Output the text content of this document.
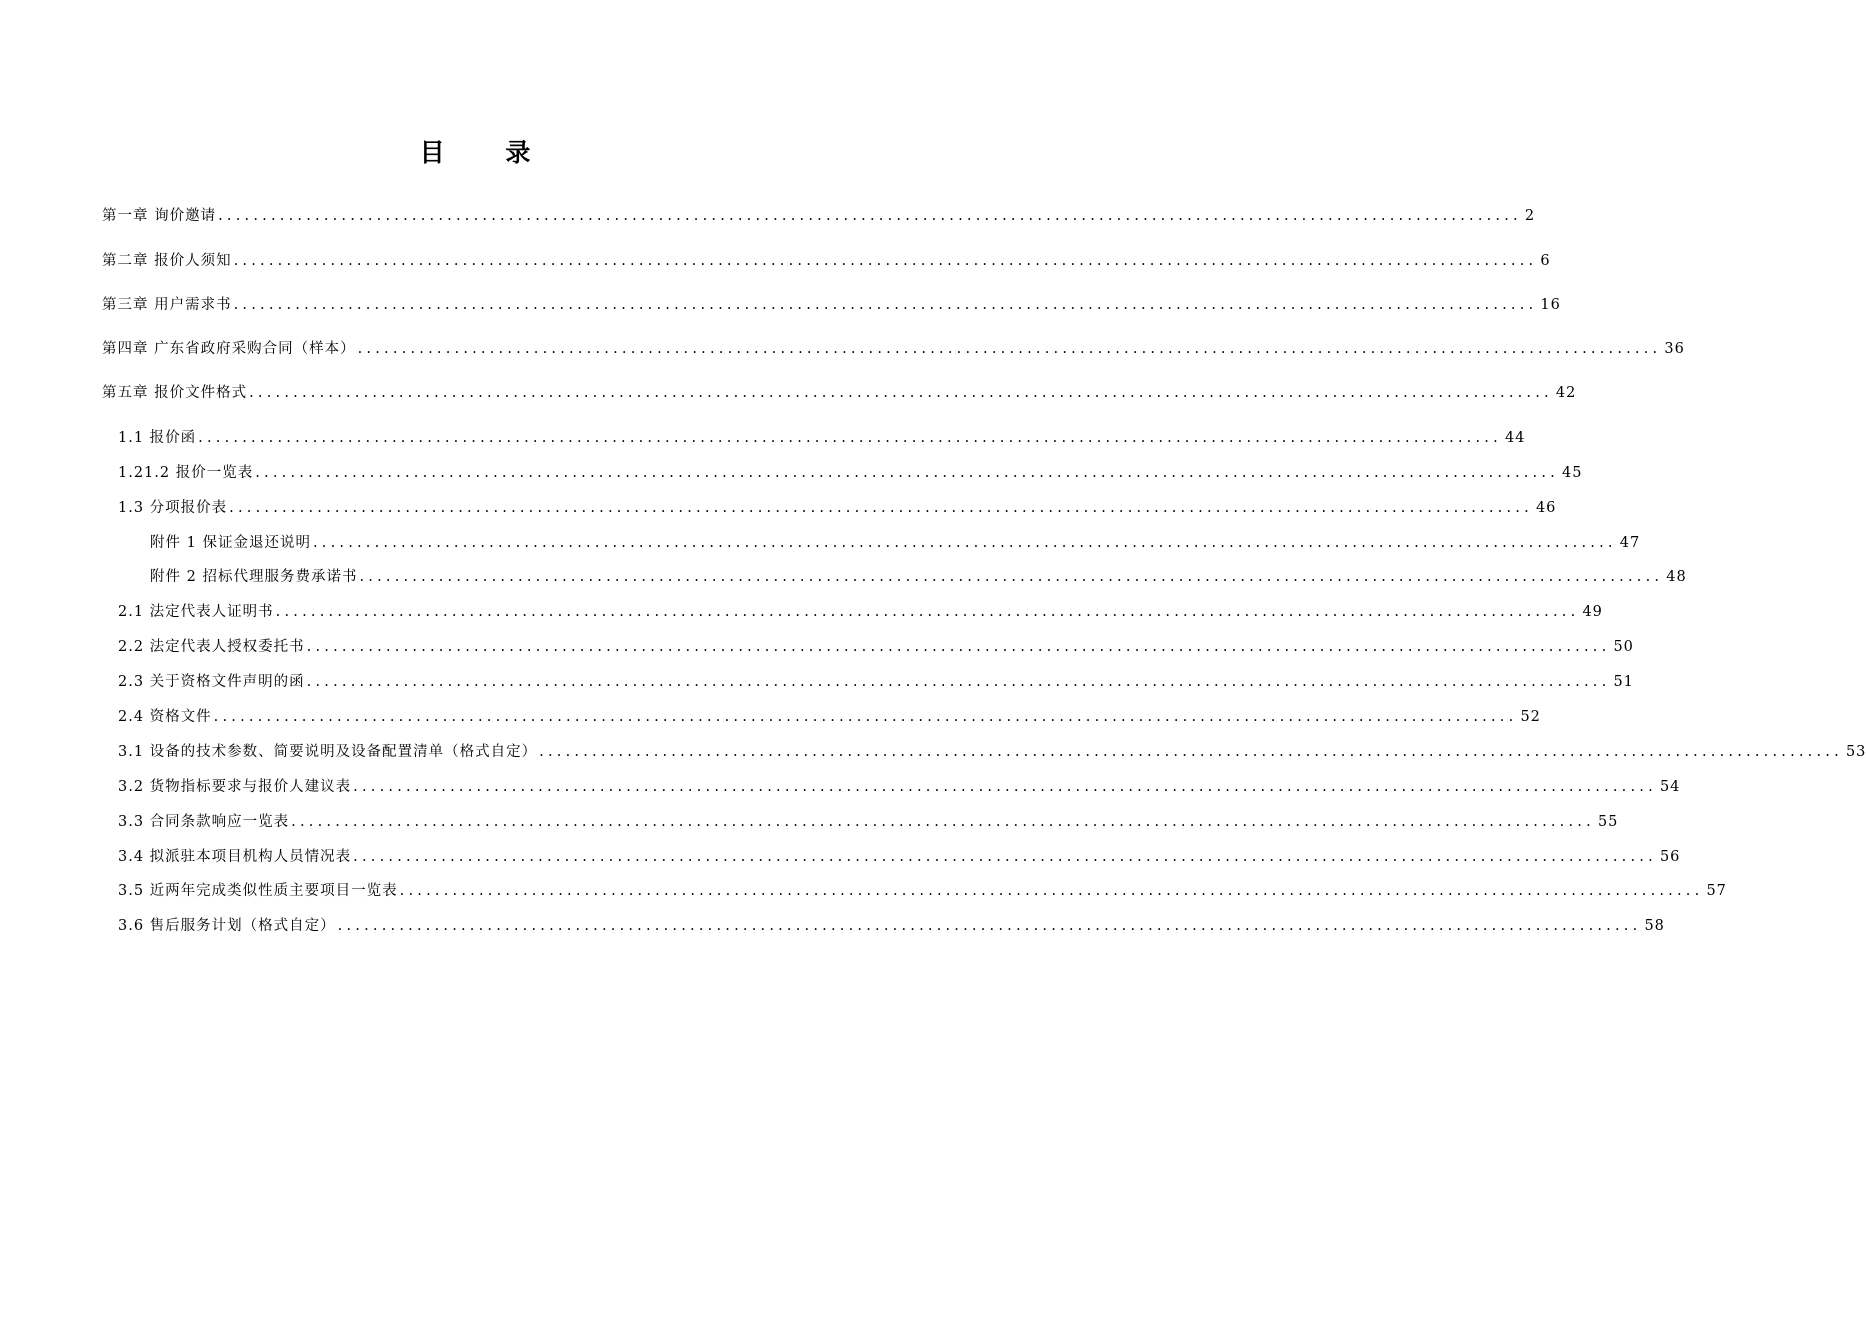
目 录
第一章 询价邀请 .................................................................................................................................................... 2
第二章 报价人须知 .................................................................................................................................................... 6
第三章 用户需求书 .................................................................................................................................................... 16
第四章 广东省政府采购合同（样本） .................................................................................................................................................... 36
第五章 报价文件格式 .................................................................................................................................................... 42
1.1 报价函 .................................................................................................................................................... 44
1.21.2 报价一览表 .................................................................................................................................................... 45
1.3 分项报价表 .................................................................................................................................................... 46
附件 1 保证金退还说明 .................................................................................................................................................... 47
附件 2 招标代理服务费承诺书 .................................................................................................................................................... 48
2.1 法定代表人证明书 .................................................................................................................................................... 49
2.2 法定代表人授权委托书 .................................................................................................................................................... 50
2.3 关于资格文件声明的函 .................................................................................................................................................... 51
2.4 资格文件 .................................................................................................................................................... 52
3.1 设备的技术参数、简要说明及设备配置清单（格式自定） .................................................................................................................................................... 53
3.2 货物指标要求与报价人建议表 .................................................................................................................................................... 54
3.3 合同条款响应一览表 .................................................................................................................................................... 55
3.4 拟派驻本项目机构人员情况表 .................................................................................................................................................... 56
3.5 近两年完成类似性质主要项目一览表 .................................................................................................................................................... 57
3.6 售后服务计划（格式自定） .................................................................................................................................................... 58
